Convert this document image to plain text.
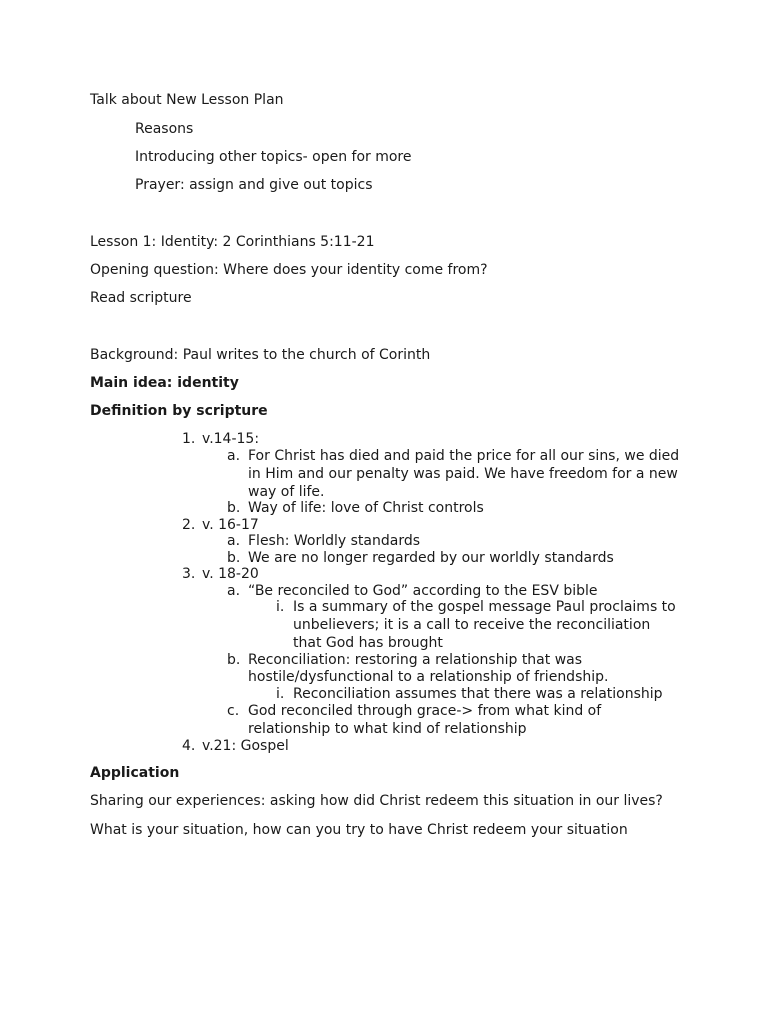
Talk about New Lesson Plan
Reasons
Introducing other topics- open for more
Prayer: assign and give out topics
Lesson 1: Identity: 2 Corinthians 5:11-21
Opening question: Where does your identity come from?
Read scripture
Background: Paul writes to the church of Corinth
Main idea: identity
Definition by scripture
1. v.14-15:
a. For Christ has died and paid the price for all our sins, we died
in Him and our penalty was paid. We have freedom for a new
way of life.
b. Way of life: love of Christ controls
2. v. 16-17
a. Flesh: Worldly standards
b. We are no longer regarded by our worldly standards
3. v. 18-20
a. “Be reconciled to God” according to the ESV bible
i. Is a summary of the gospel message Paul proclaims to
unbelievers; it is a call to receive the reconciliation
that God has brought
b. Reconciliation: restoring a relationship that was
hostile/dysfunctional to a relationship of friendship.
i. Reconciliation assumes that there was a relationship
c. God reconciled through grace-> from what kind of
relationship to what kind of relationship
4. v.21: Gospel
Application
Sharing our experiences: asking how did Christ redeem this situation in our lives?
What is your situation, how can you try to have Christ redeem your situation
